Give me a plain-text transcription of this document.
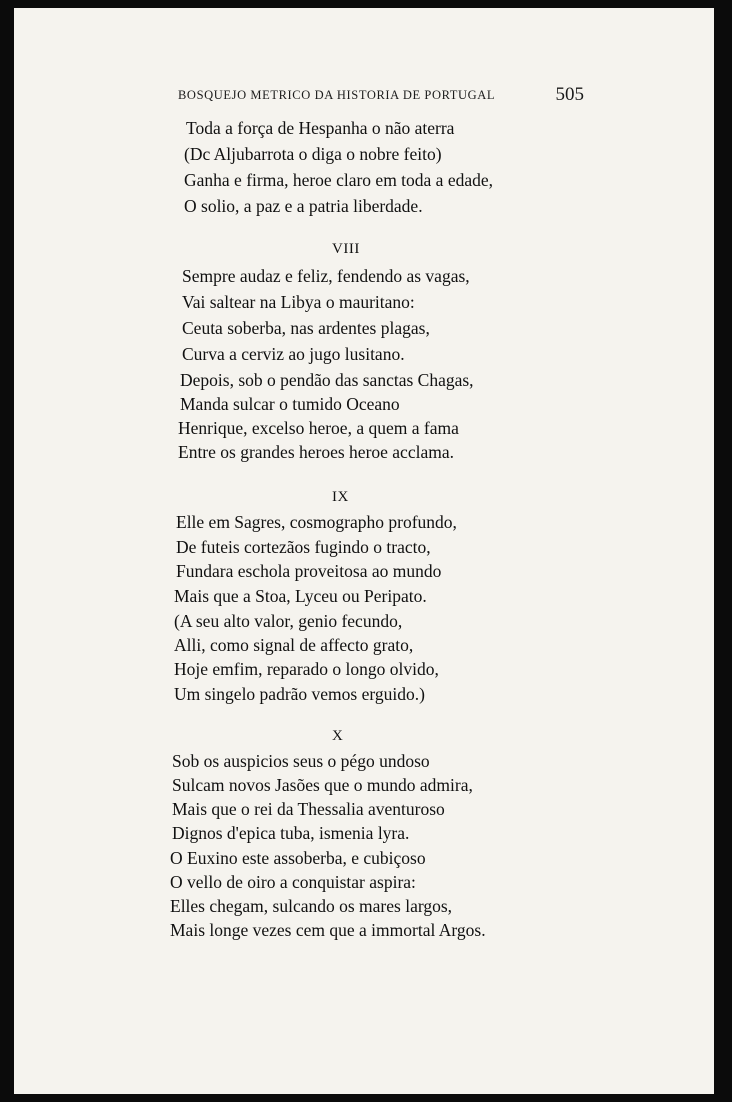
BOSQUEJO METRICO DA HISTORIA DE PORTUGAL	505
Toda a força de Hespanha o não aterra
(Dc Aljubarrota o diga o nobre feito)
Ganha e firma, heroe claro em toda a edade,
O solio, a paz e a patria liberdade.
VIII
Sempre audaz e feliz, fendendo as vagas,
Vai saltear na Libya o mauritano:
Ceuta soberba, nas ardentes plagas,
Curva a cerviz ao jugo lusitano.
Depois, sob o pendão das sanctas Chagas,
Manda sulcar o tumido Oceano
Henrique, excelso heroe, a quem a fama
Entre os grandes heroes heroe acclama.
IX
Elle em Sagres, cosmographo profundo,
De futeis cortezãos fugindo o tracto,
Fundara escholа proveitosa ao mundo
Mais que a Stoa, Lyceu ou Peripato.
(A seu alto valor, genio fecundo,
Alli, como signal de affecto grato,
Hoje emfim, reparado o longo olvido,
Um singelo padrão vemos erguido.)
X
Sob os auspicios seus o pégo undoso
Sulcam novos Jasões que o mundo admira,
Mais que o rei da Thessalia aventuroso
Dignos d'epica tuba, ismenia lyra.
O Euxino este assoberba, e cubiçoso
O vello de oiro a conquistar aspira:
Elles chegam, sulcando os mares largos,
Mais longe vezes cem que a immortal Argos.
